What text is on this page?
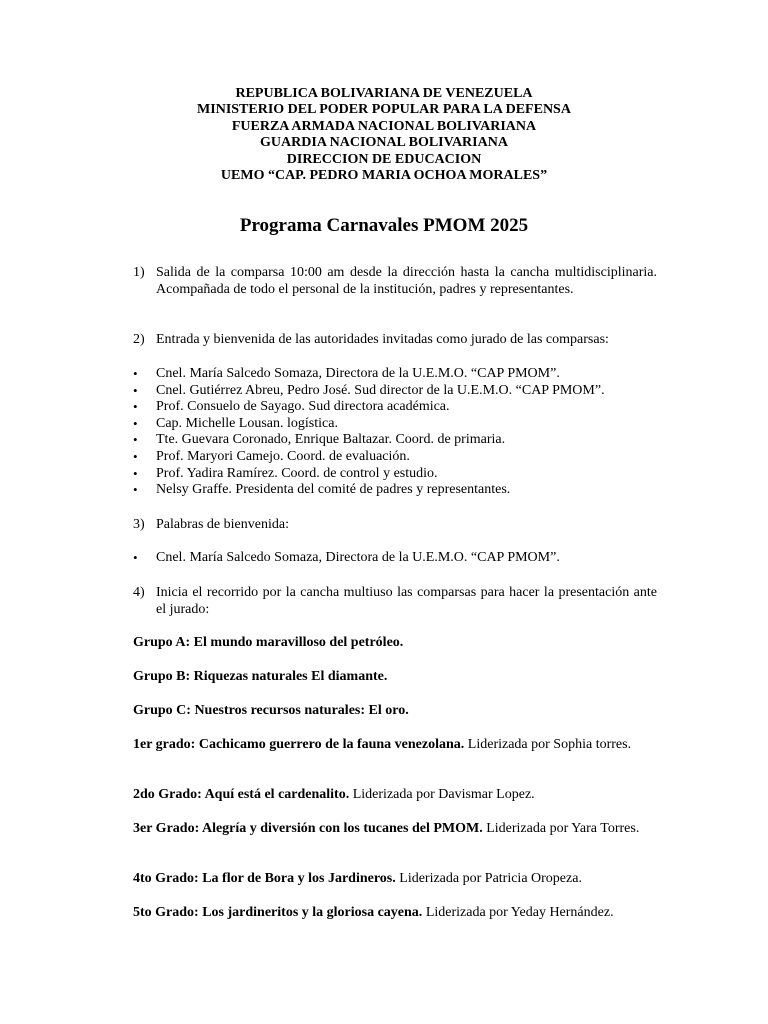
REPUBLICA BOLIVARIANA DE VENEZUELA
MINISTERIO DEL PODER POPULAR PARA LA DEFENSA
FUERZA ARMADA NACIONAL BOLIVARIANA
GUARDIA NACIONAL BOLIVARIANA
DIRECCION DE EDUCACION
UEMO “CAP. PEDRO MARIA OCHOA MORALES”
Programa Carnavales PMOM 2025
1) Salida de la comparsa 10:00 am desde la dirección hasta la cancha multidisciplinaria. Acompañada de todo el personal de la institución, padres y representantes.
2) Entrada y bienvenida de las autoridades invitadas como jurado de las comparsas:
• Cnel. María Salcedo Somaza, Directora de la U.E.M.O. “CAP PMOM”.
• Cnel. Gutiérrez Abreu, Pedro José. Sud director de la U.E.M.O. “CAP PMOM”.
• Prof. Consuelo de Sayago. Sud directora académica.
• Cap. Michelle Lousan. logística.
• Tte. Guevara Coronado, Enrique Baltazar. Coord. de primaria.
• Prof. Maryori Camejo. Coord. de evaluación.
• Prof. Yadira Ramírez. Coord. de control y estudio.
• Nelsy Graffe. Presidenta del comité de padres y representantes.
3) Palabras de bienvenida:
• Cnel. María Salcedo Somaza, Directora de la U.E.M.O. “CAP PMOM”.
4) Inicia el recorrido por la cancha multiuso las comparsas para hacer la presentación ante el jurado:
Grupo A: El mundo maravilloso del petróleo.
Grupo B: Riquezas naturales El diamante.
Grupo C: Nuestros recursos naturales: El oro.
1er grado: Cachicamo guerrero de la fauna venezolana. Liderizada por Sophia torres.
2do Grado: Aquí está el cardenalito. Liderizada por Davismar Lopez.
3er Grado: Alegría y diversión con los tucanes del PMOM. Liderizada por Yara Torres.
4to Grado: La flor de Bora y los Jardineros. Liderizada por Patricia Oropeza.
5to Grado: Los jardineritos y la gloriosa cayena. Liderizada por Yeday Hernández.
